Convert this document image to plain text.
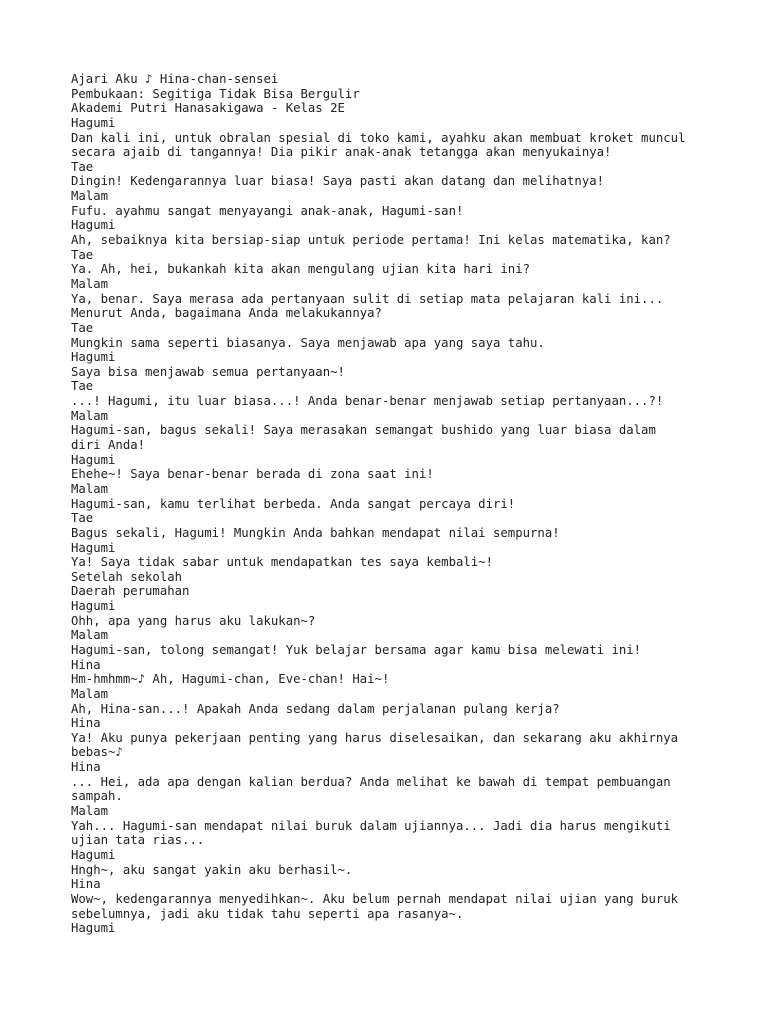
Ajari Aku ♪ Hina-chan-sensei
Pembukaan: Segitiga Tidak Bisa Bergulir
Akademi Putri Hanasakigawa - Kelas 2E
Hagumi
Dan kali ini, untuk obralan spesial di toko kami, ayahku akan membuat kroket muncul
secara ajaib di tangannya! Dia pikir anak-anak tetangga akan menyukainya!
Tae
Dingin! Kedengarannya luar biasa! Saya pasti akan datang dan melihatnya!
Malam
Fufu. ayahmu sangat menyayangi anak-anak, Hagumi-san!
Hagumi
Ah, sebaiknya kita bersiap-siap untuk periode pertama! Ini kelas matematika, kan?
Tae
Ya. Ah, hei, bukankah kita akan mengulang ujian kita hari ini?
Malam
Ya, benar. Saya merasa ada pertanyaan sulit di setiap mata pelajaran kali ini...
Menurut Anda, bagaimana Anda melakukannya?
Tae
Mungkin sama seperti biasanya. Saya menjawab apa yang saya tahu.
Hagumi
Saya bisa menjawab semua pertanyaan~!
Tae
...! Hagumi, itu luar biasa...! Anda benar-benar menjawab setiap pertanyaan...?!
Malam
Hagumi-san, bagus sekali! Saya merasakan semangat bushido yang luar biasa dalam
diri Anda!
Hagumi
Ehehe~! Saya benar-benar berada di zona saat ini!
Malam
Hagumi-san, kamu terlihat berbeda. Anda sangat percaya diri!
Tae
Bagus sekali, Hagumi! Mungkin Anda bahkan mendapat nilai sempurna!
Hagumi
Ya! Saya tidak sabar untuk mendapatkan tes saya kembali~!
Setelah sekolah
Daerah perumahan
Hagumi
Ohh, apa yang harus aku lakukan~?
Malam
Hagumi-san, tolong semangat! Yuk belajar bersama agar kamu bisa melewati ini!
Hina
Hm-hmhmm~♪ Ah, Hagumi-chan, Eve-chan! Hai~!
Malam
Ah, Hina-san...! Apakah Anda sedang dalam perjalanan pulang kerja?
Hina
Ya! Aku punya pekerjaan penting yang harus diselesaikan, dan sekarang aku akhirnya
bebas~♪
Hina
... Hei, ada apa dengan kalian berdua? Anda melihat ke bawah di tempat pembuangan
sampah.
Malam
Yah... Hagumi-san mendapat nilai buruk dalam ujiannya... Jadi dia harus mengikuti
ujian tata rias...
Hagumi
Hngh~, aku sangat yakin aku berhasil~.
Hina
Wow~, kedengarannya menyedihkan~. Aku belum pernah mendapat nilai ujian yang buruk
sebelumnya, jadi aku tidak tahu seperti apa rasanya~.
Hagumi
